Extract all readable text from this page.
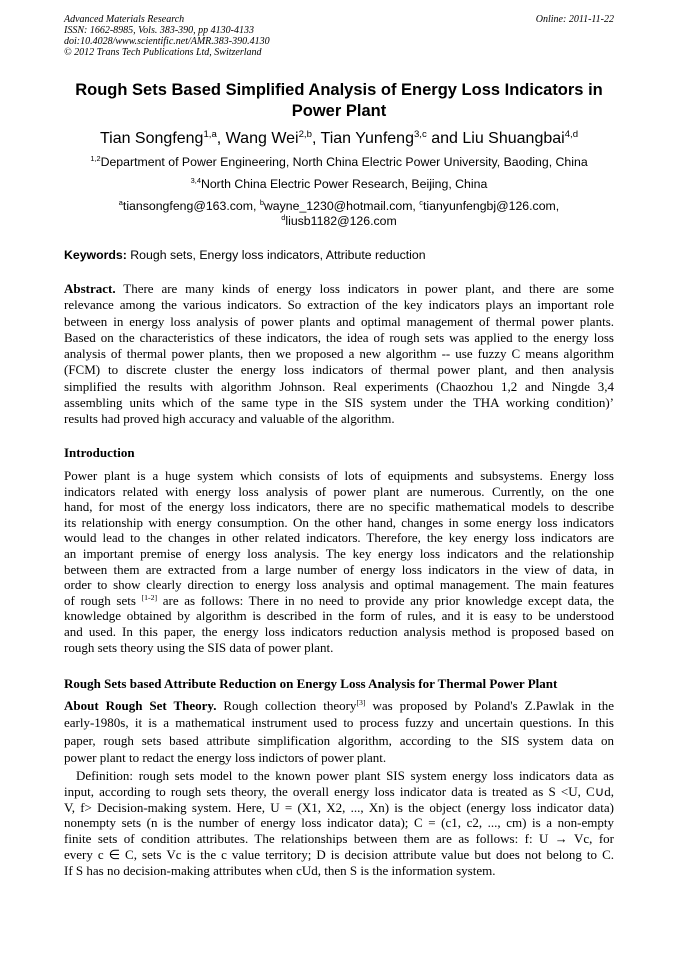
Advanced Materials Research
ISSN: 1662-8985, Vols. 383-390, pp 4130-4133
doi:10.4028/www.scientific.net/AMR.383-390.4130
© 2012 Trans Tech Publications Ltd, Switzerland
Online: 2011-11-22
Rough Sets Based Simplified Analysis of Energy Loss Indicators in Power Plant
Tian Songfeng$^{1,a}$, Wang Wei$^{2,b}$, Tian Yunfeng$^{3,c}$ and Liu Shuangbai$^{4,d}$
$^{1,2}$Department of Power Engineering, North China Electric Power University, Baoding, China
$^{3,4}$North China Electric Power Research, Beijing, China
$^a$tiansongfeng@163.com, $^b$wayne_1230@hotmail.com, $^c$tianyunfengbj@126.com,
$^d$liusb1182@126.com
Keywords: Rough sets, Energy loss indicators, Attribute reduction
Abstract. There are many kinds of energy loss indicators in power plant, and there are some
relevance among the various indicators. So extraction of the key indicators plays an important role
between in energy loss analysis of power plants and optimal management of thermal power plants.
Based on the characteristics of these indicators, the idea of rough sets was applied to the energy loss
analysis of thermal power plants, then we proposed a new algorithm -- use fuzzy C means algorithm
(FCM) to discrete cluster the energy loss indicators of thermal power plant, and then analysis
simplified the results with algorithm Johnson. Real experiments (Chaozhou 1,2 and Ningde 3,4
assembling units which of the same type in the SIS system under the THA working condition)’
results had proved high accuracy and valuable of the algorithm.
Introduction
Power plant is a huge system which consists of lots of equipments and subsystems. Energy loss
indicators related with energy loss analysis of power plant are numerous. Currently, on the one
hand, for most of the energy loss indicators, there are no specific mathematical models to describe
its relationship with energy consumption. On the other hand, changes in some energy loss indicators
would lead to the changes in other related indicators. Therefore, the key energy loss indicators are
an important premise of energy loss analysis. The key energy loss indicators and the relationship
between them are extracted from a large number of energy loss indicators in the view of data, in
order to show clearly direction to energy loss analysis and optimal management. The main features
of rough sets [1-2] are as follows: There in no need to provide any prior knowledge except data, the
knowledge obtained by algorithm is described in the form of rules, and it is easy to be understood
and used. In this paper, the energy loss indicators reduction analysis method is proposed based on
rough sets theory using the SIS data of power plant.
Rough Sets based Attribute Reduction on Energy Loss Analysis for Thermal Power Plant
About Rough Set Theory. Rough collection theory[3] was proposed by Poland's Z.Pawlak in the
early-1980s, it is a mathematical instrument used to process fuzzy and uncertain questions. In this
paper, rough sets based attribute simplification algorithm, according to the SIS system data on
power plant to redact the energy loss indictors of power plant.
Definition: rough sets model to the known power plant SIS system energy loss indicators data as
input, according to rough sets theory, the overall energy loss indicator data is treated as S <U, C∪d,
V, f> Decision-making system. Here, U = (X1, X2, ..., Xn) is the object (energy loss indicator data)
nonempty sets (n is the number of energy loss indicator data); C = (c1, c2, ..., cm) is a non-empty
finite sets of condition attributes. The relationships between them are as follows: f: U → Vc, for
every c ∈ C, sets Vc is the c value territory; D is decision attribute value but does not belong to C.
If S has no decision-making attributes when cUd, then S is the information system.
